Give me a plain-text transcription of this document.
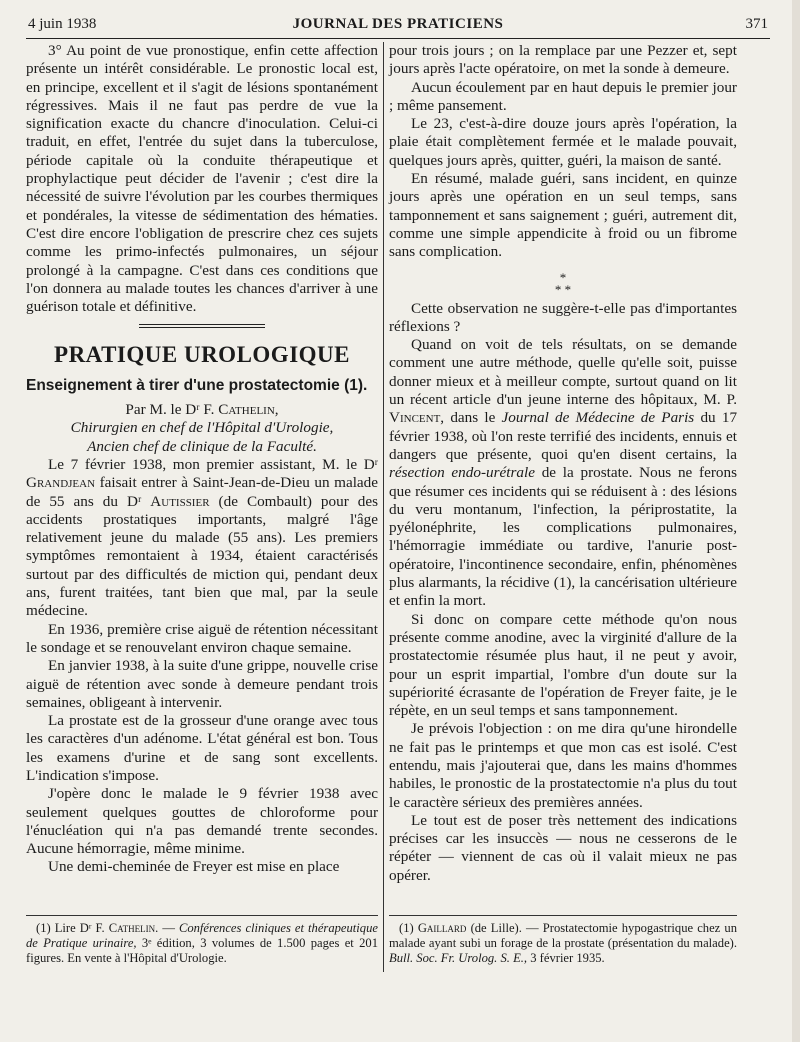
4 juin 1938	JOURNAL DES PRATICIENS	371

3° Au point de vue pronostique, enfin cette affection présente un intérêt considérable. Le pronostic local est, en principe, excellent et il s'agit de lésions spontanément régressives. Mais il ne faut pas perdre de vue la signification exacte du chancre d'inoculation. Celui-ci traduit, en effet, l'entrée du sujet dans la tuberculose, période capitale où la conduite thérapeutique et prophylactique peut décider de l'avenir ; c'est dire la nécessité de suivre l'évolution par les courbes thermiques et pondérales, la vitesse de sédimentation des hématies. C'est dire encore l'obligation de prescrire chez ces sujets comme les primo-infectés pulmonaires, un séjour prolongé à la campagne. C'est dans ces conditions que l'on donnera au malade toutes les chances d'arriver à une guérison totale et définitive.

PRATIQUE UROLOGIQUE
Enseignement à tirer d'une prostatectomie (1).

Par M. le Dʳ F. Cathelin,

Chirurgien en chef de l'Hôpital d'Urologie,

Ancien chef de clinique de la Faculté.

Le 7 février 1938, mon premier assistant, M. le Dʳ Grandjean faisait entrer à Saint-Jean-de-Dieu un malade de 55 ans du Dʳ Autissier (de Combault) pour des accidents prostatiques importants, malgré l'âge relativement jeune du malade (55 ans). Les premiers symptômes remontaient à 1934, étaient caractérisés surtout par des difficultés de miction qui, pendant deux ans, furent traitées, tant bien que mal, par la seule médecine.

En 1936, première crise aiguë de rétention nécessitant le sondage et se renouvelant environ chaque semaine.

En janvier 1938, à la suite d'une grippe, nouvelle crise aiguë de rétention avec sonde à demeure pendant trois semaines, obligeant à intervenir.

La prostate est de la grosseur d'une orange avec tous les caractères d'un adénome. L'état général est bon. Tous les examens d'urine et de sang sont excellents. L'indication s'impose.

J'opère donc le malade le 9 février 1938 avec seulement quelques gouttes de chloroforme pour l'énucléation qui n'a pas demandé trente secondes. Aucune hémorragie, même minime.

Une demi-cheminée de Freyer est mise en place

pour trois jours ; on la remplace par une Pezzer et, sept jours après l'acte opératoire, on met la sonde à demeure.

Aucun écoulement par en haut depuis le premier jour ; même pansement.

Le 23, c'est-à-dire douze jours après l'opération, la plaie était complètement fermée et le malade pouvait, quelques jours après, quitter, guéri, la maison de santé.

En résumé, malade guéri, sans incident, en quinze jours après une opération en un seul temps, sans tamponnement et sans saignement ; guéri, autrement dit, comme une simple appendicite à froid ou un fibrome sans complication.

*
* *

Cette observation ne suggère-t-elle pas d'importantes réflexions ?

Quand on voit de tels résultats, on se demande comment une autre méthode, quelle qu'elle soit, puisse donner mieux et à meilleur compte, surtout quand on lit un récent article d'un jeune interne des hôpitaux, M. P. Vincent, dans le Journal de Médecine de Paris du 17 février 1938, où l'on reste terrifié des incidents, ennuis et dangers que présente, quoi qu'en disent certains, la résection endo-urétrale de la prostate. Nous ne ferons que résumer ces incidents qui se réduisent à : des lésions du veru montanum, l'infection, la périprostatite, la pyélonéphrite, les complications pulmonaires, l'hémorragie immédiate ou tardive, l'anurie post-opératoire, l'incontinence secondaire, enfin, phénomènes plus alarmants, la récidive (1), la cancérisation ultérieure et enfin la mort.

Si donc on compare cette méthode qu'on nous présente comme anodine, avec la virginité d'allure de la prostatectomie résumée plus haut, il ne peut y avoir, pour un esprit impartial, l'ombre d'un doute sur la supériorité écrasante de l'opération de Freyer faite, je le répète, en un seul temps et sans tamponnement.

Je prévois l'objection : on me dira qu'une hirondelle ne fait pas le printemps et que mon cas est isolé. C'est entendu, mais j'ajouterai que, dans les mains d'hommes habiles, le pronostic de la prostatectomie n'a plus du tout le caractère sérieux des premières années.

Le tout est de poser très nettement des indications précises car les insuccès — nous ne cesserons de le répéter — viennent de cas où il valait mieux ne pas opérer.

(1) Lire Dʳ F. Cathelin. — Conférences cliniques et thérapeutique de Pratique urinaire, 3ᵉ édition, 3 volumes de 1.500 pages et 201 figures. En vente à l'Hôpital d'Urologie.

(1) Gaillard (de Lille). — Prostatectomie hypogastrique chez un malade ayant subi un forage de la prostate (présentation du malade). Bull. Soc. Fr. Urolog. S. E., 3 février 1935.
